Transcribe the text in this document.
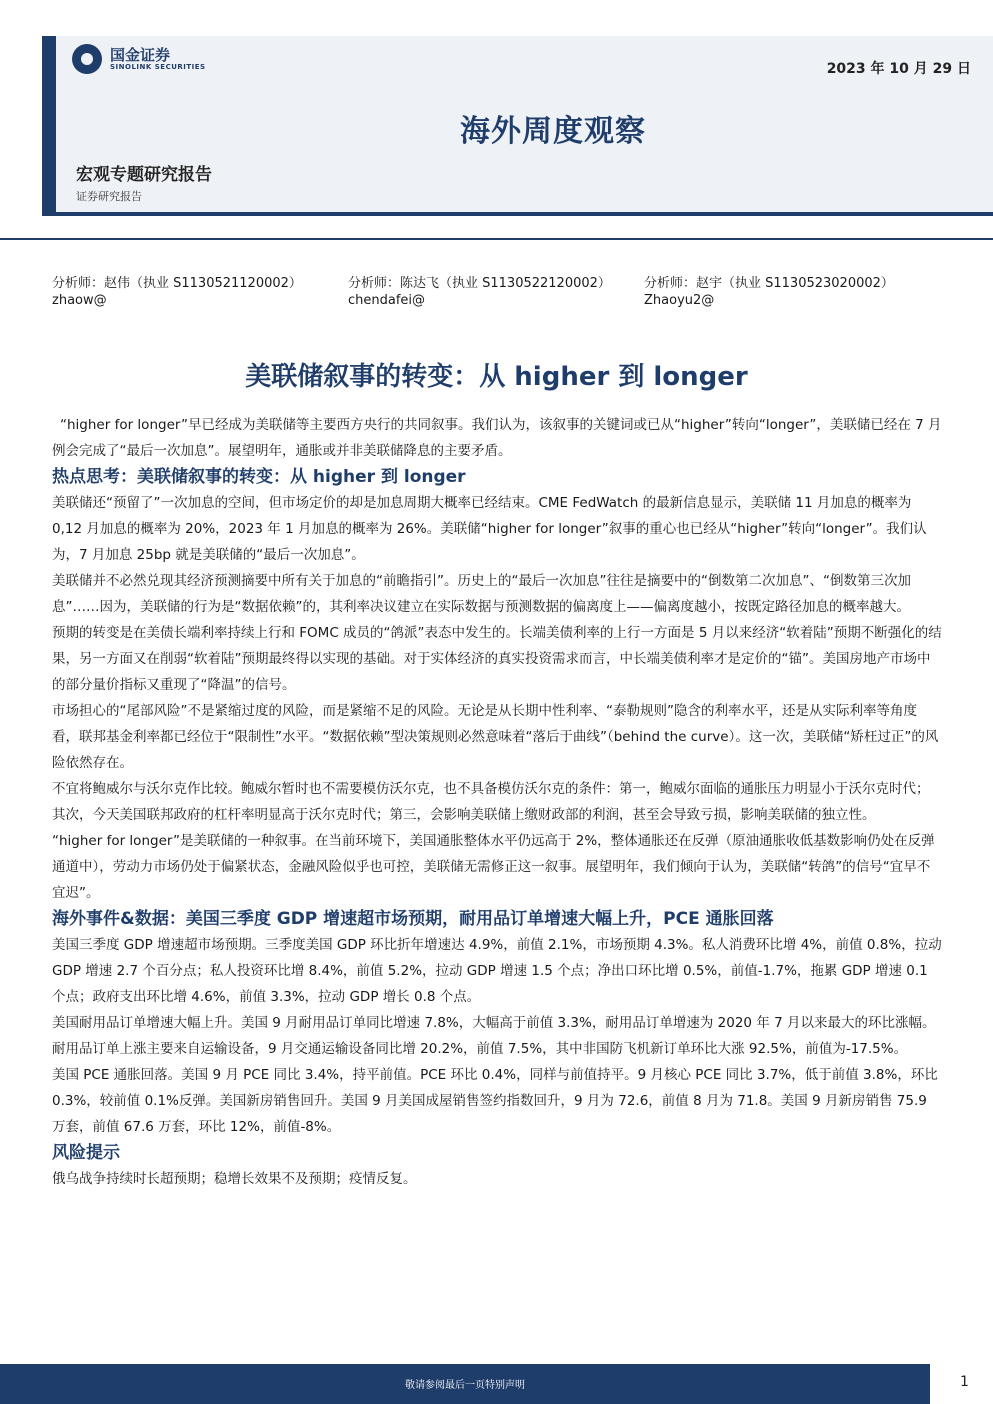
国金证券
SINOLINK SECURITIES	2023 年 10 月 29 日
海外周度观察
宏观专题研究报告
证券研究报告
分析师：赵伟（执业 S1130521120002）
zhaow@
分析师：陈达飞（执业 S1130522120002）
chendafei@
分析师：赵宇（执业 S1130523020002）
Zhaoyu2@
美联储叙事的转变：从 higher 到 longer

“higher for longer”早已经成为美联储等主要西方央行的共同叙事。我们认为，该叙事的关键词或已从“higher”转向“longer”，美联储已经在 7 月例会完成了“最后一次加息”。展望明年，通胀或并非美联储降息的主要矛盾。

热点思考：美联储叙事的转变：从 higher 到 longer

美联储还“预留了”一次加息的空间，但市场定价的却是加息周期大概率已经结束。CME FedWatch 的最新信息显示，美联储 11 月加息的概率为 0,12 月加息的概率为 20%，2023 年 1 月加息的概率为 26%。美联储“higher for longer”叙事的重心也已经从“higher”转向“longer”。我们认为，7 月加息 25bp 就是美联储的“最后一次加息”。

美联储并不必然兑现其经济预测摘要中所有关于加息的“前瞻指引”。历史上的“最后一次加息”往往是摘要中的“倒数第二次加息”、“倒数第三次加息”……因为，美联储的行为是“数据依赖”的，其利率决议建立在实际数据与预测数据的偏离度上——偏离度越小，按既定路径加息的概率越大。

预期的转变是在美债长端利率持续上行和 FOMC 成员的“鸽派”表态中发生的。长端美债利率的上行一方面是 5 月以来经济“软着陆”预期不断强化的结果，另一方面又在削弱“软着陆”预期最终得以实现的基础。对于实体经济的真实投资需求而言，中长端美债利率才是定价的“锚”。美国房地产市场中的部分量价指标又重现了“降温”的信号。

市场担心的“尾部风险”不是紧缩过度的风险，而是紧缩不足的风险。无论是从长期中性利率、“泰勒规则”隐含的利率水平，还是从实际利率等角度看，联邦基金利率都已经位于“限制性”水平。“数据依赖”型决策规则必然意味着“落后于曲线”（behind the curve）。这一次，美联储“矫枉过正”的风险依然存在。

不宜将鲍威尔与沃尔克作比较。鲍威尔暂时也不需要模仿沃尔克，也不具备模仿沃尔克的条件：第一，鲍威尔面临的通胀压力明显小于沃尔克时代；其次，今天美国联邦政府的杠杆率明显高于沃尔克时代；第三，会影响美联储上缴财政部的利润，甚至会导致亏损，影响美联储的独立性。

“higher for longer”是美联储的一种叙事。在当前环境下，美国通胀整体水平仍远高于 2%，整体通胀还在反弹（原油通胀收低基数影响仍处在反弹通道中），劳动力市场仍处于偏紧状态，金融风险似乎也可控，美联储无需修正这一叙事。展望明年，我们倾向于认为，美联储“转鸽”的信号“宜早不宜迟”。

海外事件&数据：美国三季度 GDP 增速超市场预期，耐用品订单增速大幅上升，PCE 通胀回落

美国三季度 GDP 增速超市场预期。三季度美国 GDP 环比折年增速达 4.9%，前值 2.1%，市场预期 4.3%。私人消费环比增 4%，前值 0.8%，拉动 GDP 增速 2.7 个百分点；私人投资环比增 8.4%，前值 5.2%，拉动 GDP 增速 1.5 个点；净出口环比增 0.5%，前值-1.7%，拖累 GDP 增速 0.1 个点；政府支出环比增 4.6%，前值 3.3%，拉动 GDP 增长 0.8 个点。

美国耐用品订单增速大幅上升。美国 9 月耐用品订单同比增速 7.8%，大幅高于前值 3.3%，耐用品订单增速为 2020 年 7 月以来最大的环比涨幅。耐用品订单上涨主要来自运输设备，9 月交通运输设备同比增 20.2%，前值 7.5%，其中非国防飞机新订单环比大涨 92.5%，前值为-17.5%。

美国 PCE 通胀回落。美国 9 月 PCE 同比 3.4%，持平前值。PCE 环比 0.4%，同样与前值持平。9 月核心 PCE 同比 3.7%，低于前值 3.8%，环比 0.3%，较前值 0.1%反弹。美国新房销售回升。美国 9 月美国成屋销售签约指数回升，9 月为 72.6，前值 8 月为 71.8。美国 9 月新房销售 75.9 万套，前值 67.6 万套，环比 12%，前值-8%。

风险提示

俄乌战争持续时长超预期；稳增长效果不及预期；疫情反复。

敬请参阅最后一页特别声明	1
